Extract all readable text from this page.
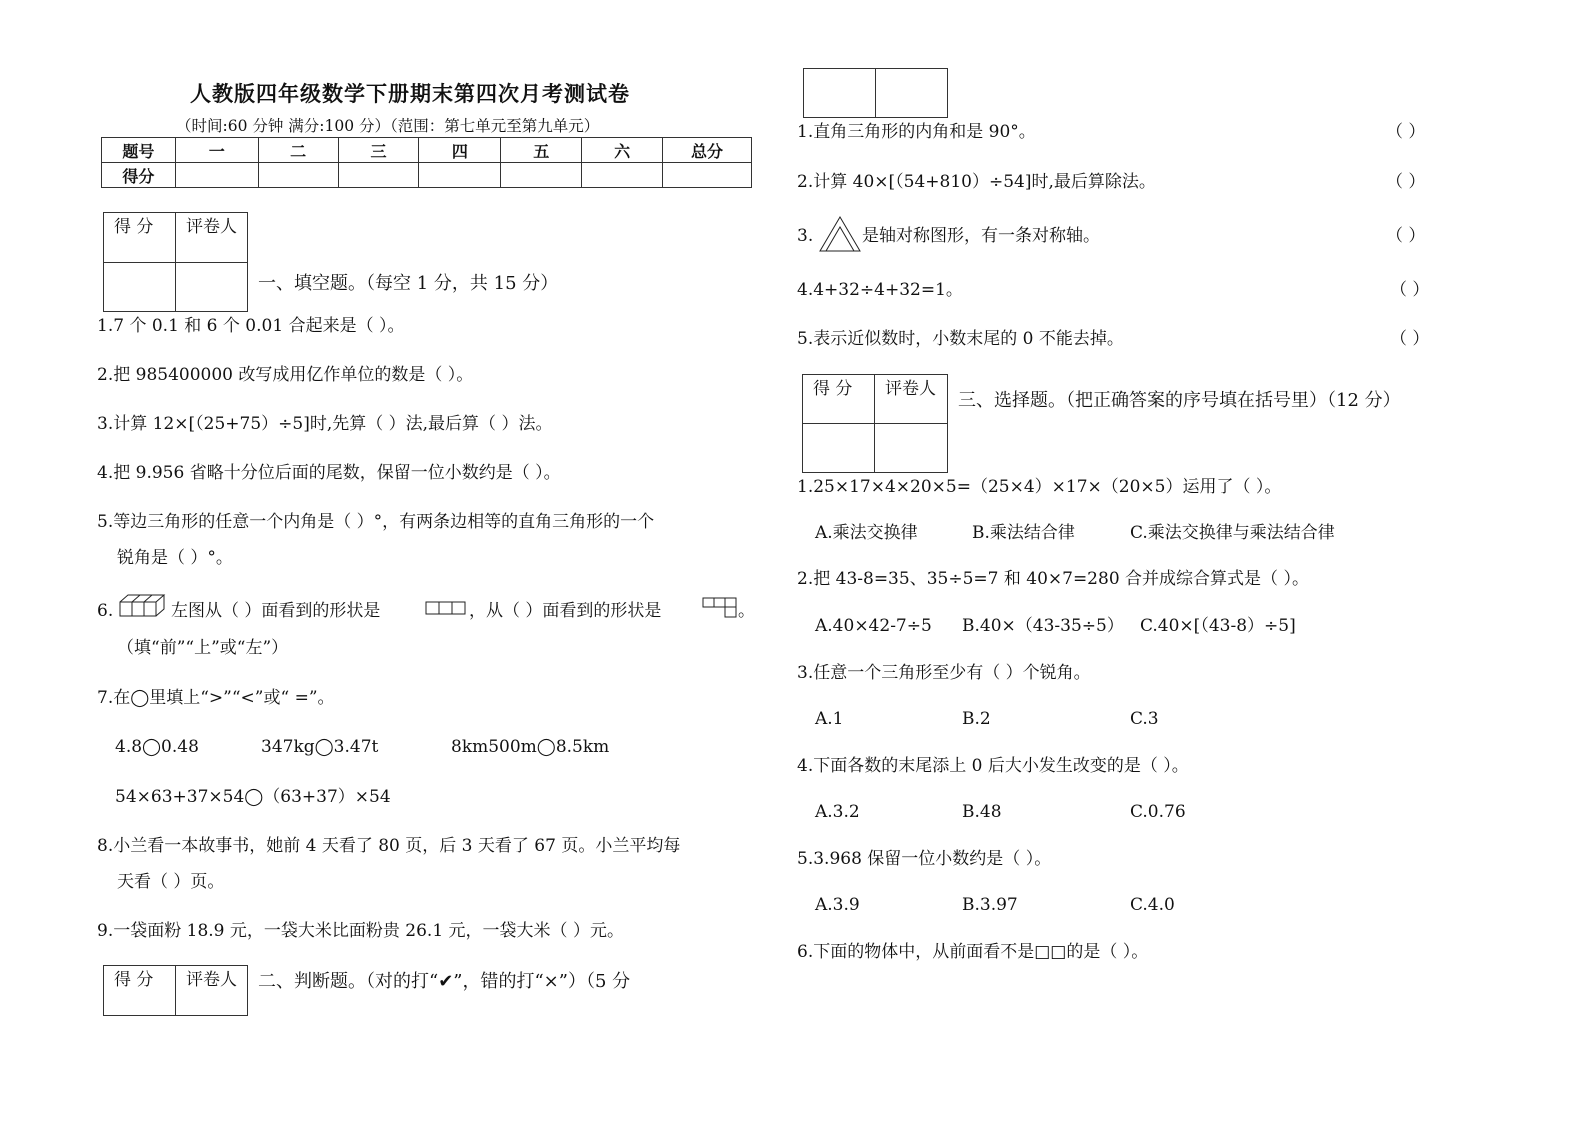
人教版四年级数学下册期末第四次月考测试卷
（时间:60 分钟 满分:100 分）（范围：第七单元至第九单元）
题号	一	二	三	四	五	六	总分
得分							
得 分	评卷人
一、填空题。（每空 1 分，共 15 分）
1.7 个 0.1 和 6 个 0.01 合起来是（ ）。
2.把 985400000 改写成用亿作单位的数是（ ）。
3.计算 12×[（25+75）÷5]时,先算（ ）法,最后算（ ）法。
4.把 9.956 省略十分位后面的尾数，保留一位小数约是（ ）。
5.等边三角形的任意一个内角是（ ）°，有两条边相等的直角三角形的一个
锐角是（ ）°。
6.	左图从（ ）面看到的形状是	，从（ ）面看到的形状是	。
（填“前”“上”或“左”）
7.在◯里填上“>”“<”或“ =”。
4.8◯0.48	347kg◯3.47t	8km500m◯8.5km
54×63+37×54◯（63+37）×54
8.小兰看一本故事书，她前 4 天看了 80 页，后 3 天看了 67 页。小兰平均每
天看（ ）页。
9.一袋面粉 18.9 元，一袋大米比面粉贵 26.1 元，一袋大米（ ）元。
得 分	评卷人	二、判断题。（对的打“✔”，错的打“×”）（5 分
1.直角三角形的内角和是 90°。	（ ）
2.计算 40×[（54+810）÷54]时,最后算除法。	（ ）
3.	是轴对称图形，有一条对称轴。	（ ）
4.4+32÷4+32=1。	（ ）
5.表示近似数时，小数末尾的 0 不能去掉。	（ ）
得 分	评卷人
三、选择题。（把正确答案的序号填在括号里）（12 分）
1.25×17×4×20×5=（25×4）×17×（20×5）运用了（ ）。
A.乘法交换律	B.乘法结合律	C.乘法交换律与乘法结合律
2.把 43-8=35、35÷5=7 和 40×7=280 合并成综合算式是（ ）。
A.40×42-7÷5 B.40×（43-35÷5） C.40×[（43-8）÷5]
3.任意一个三角形至少有（ ）个锐角。
A.1	B.2	C.3
4.下面各数的末尾添上 0 后大小发生改变的是（ ）。
A.3.2	B.48	C.0.76
5.3.968 保留一位小数约是（ ）。
A.3.9	B.3.97	C.4.0
6.下面的物体中，从前面看不是□□的是（ ）。
